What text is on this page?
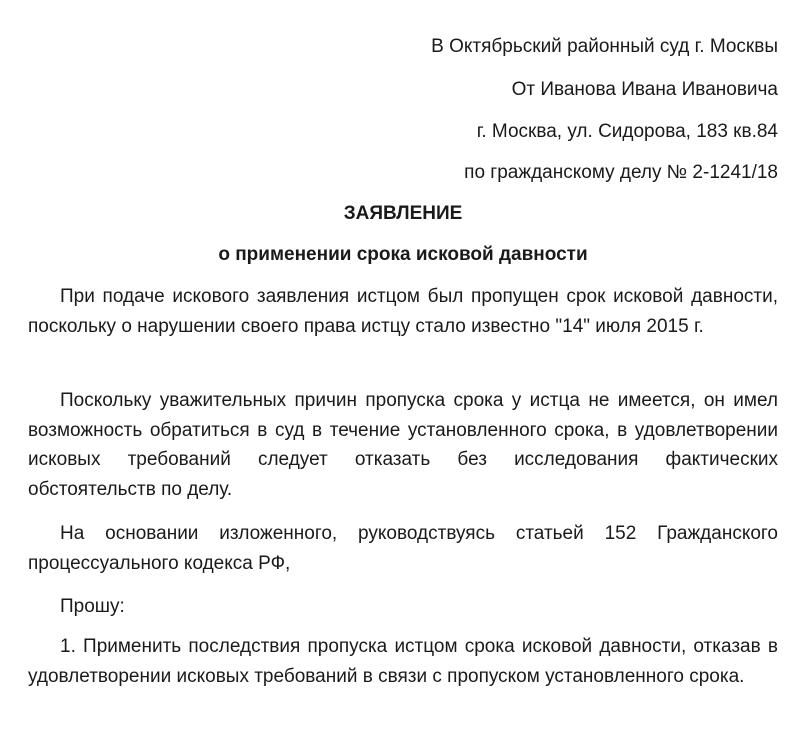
В Октябрьский районный суд г. Москвы
От Иванова Ивана Ивановича
г. Москва, ул. Сидорова, 183 кв.84
по гражданскому делу № 2-1241/18
ЗАЯВЛЕНИЕ
о применении срока исковой давности
При подаче искового заявления истцом был пропущен срок исковой давности, поскольку о нарушении своего права истцу стало известно "14" июля 2015 г.
Поскольку уважительных причин пропуска срока у истца не имеется, он имел возможность обратиться в суд в течение установленного срока, в удовлетворении исковых требований следует отказать без исследования фактических обстоятельств по делу.
На основании изложенного, руководствуясь статьей 152 Гражданского процессуального кодекса РФ,
Прошу:
1. Применить последствия пропуска истцом срока исковой давности, отказав в удовлетворении исковых требований в связи с пропуском установленного срока.
